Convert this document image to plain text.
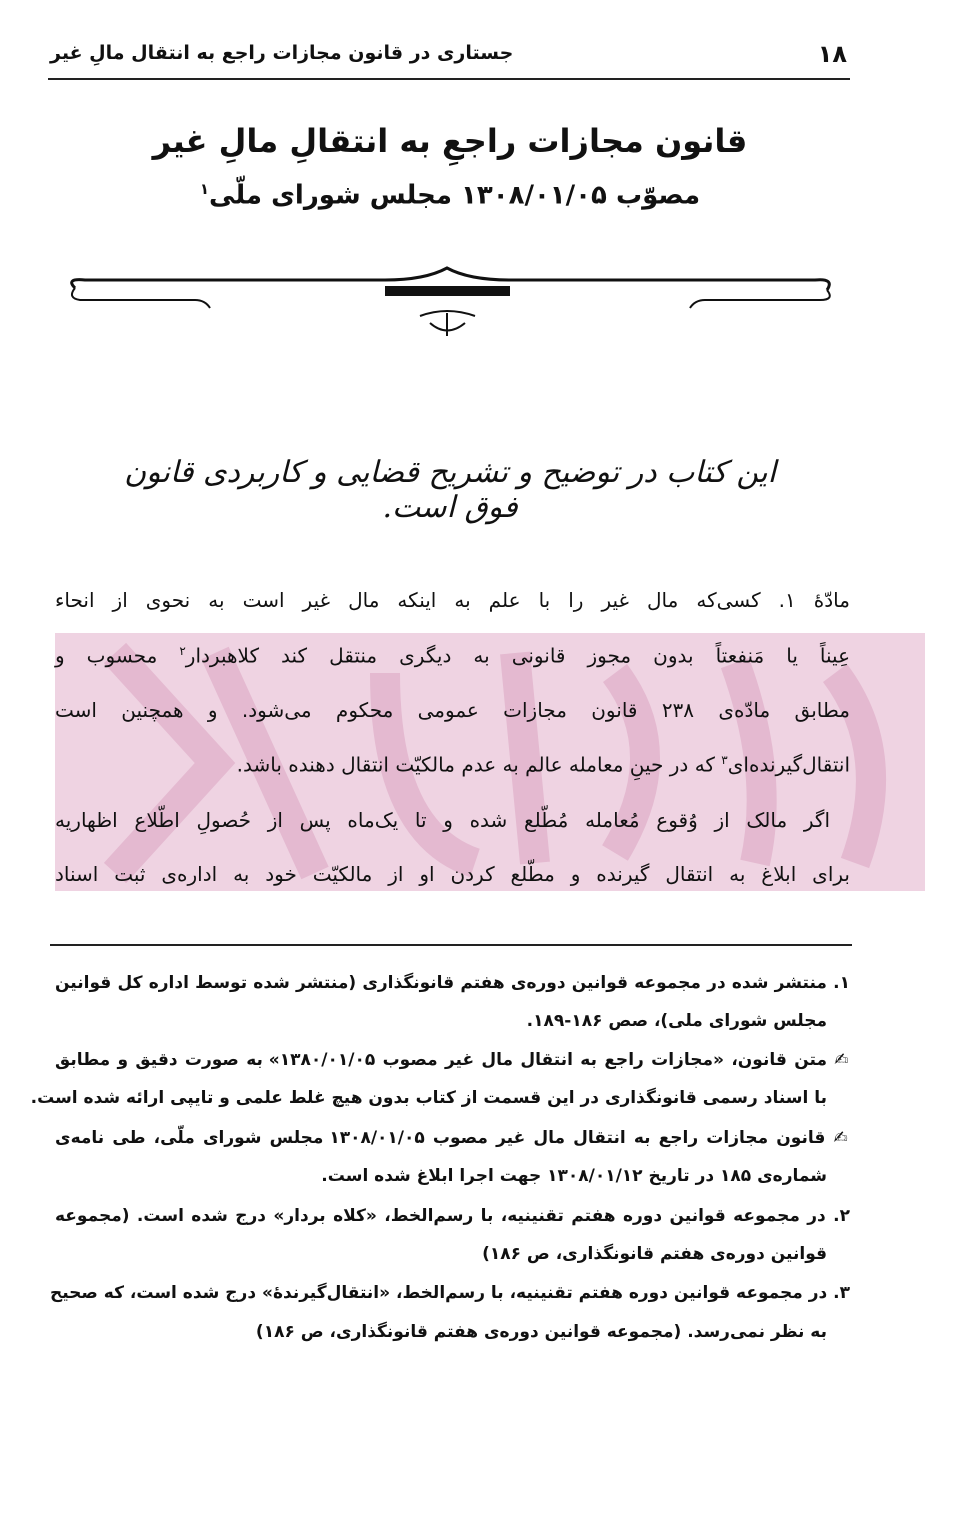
۱۸
جستاری در قانون مجازات راجع به انتقال مالِ غیر
قانون مجازات راجعِ به انتقالِ مالِ غیر
مصوّب ۱۳۰۸/۰۱/۰۵ مجلس شورای ملّی$^۱$
این کتاب در توضیح و تشریح قضایی و کاربردی قانون فوق است.
مادّهٔ ۱. کسی‌که مال غیر را با علم به اینکه مال غیر است به نحوی از انحاء
عِیناً یا مَنفعتاً بدون مجوز قانونی به دیگری منتقل کند کلاهبردار$^۲$ محسوب و
مطابق مادّه‌ی ۲۳۸ قانون مجازات عمومی محکوم می‌شود. و همچنین است
انتقال‌گیرنده‌ای$^۳$ که در حینِ معامله عالم به عدم مالکیّت انتقال دهنده باشد.
اگر مالک از وُقوع مُعامله مُطّلع شده و تا یک‌ماه پس از حُصولِ اطّلاع اظهاریه
برای ابلاغ به انتقال گیرنده و مطّلع کردن او از مالکیّت خود به اداره‌ی ثبت اسناد
۱. منتشر شده در مجموعه قوانین دوره‌ی هفتم قانونگذاری (منتشر شده توسط اداره کل قوانین
مجلس شورای ملی)، صص ۱۸۶-۱۸۹.
✍ متن قانون، «مجازات راجع به انتقال مال غیر مصوب ۱۳۸۰/۰۱/۰۵» به صورت دقیق و مطابق
با اسناد رسمی قانونگذاری در این قسمت از کتاب بدون هیچ غلط علمی و تایپی ارائه شده است.
✍ قانون مجازات راجع به انتقال مال غیر مصوب ۱۳۰۸/۰۱/۰۵ مجلس شورای ملّی، طی نامه‌ی
شماره‌ی ۱۸۵ در تاریخ ۱۳۰۸/۰۱/۱۲ جهت اجرا ابلاغ شده است.
۲. در مجموعه قوانین دوره هفتم تقنینیه، با رسم‌الخط، «کلاه بردار» درج شده است. (مجموعه
قوانین دوره‌ی هفتم قانونگذاری، ص ۱۸۶)
۳. در مجموعه قوانین دوره هفتم تقنینیه، با رسم‌الخط، «انتقال‌گیرندهٔ» درج شده است، که صحیح
به نظر نمی‌رسد. (مجموعه قوانین دوره‌ی هفتم قانونگذاری، ص ۱۸۶)
